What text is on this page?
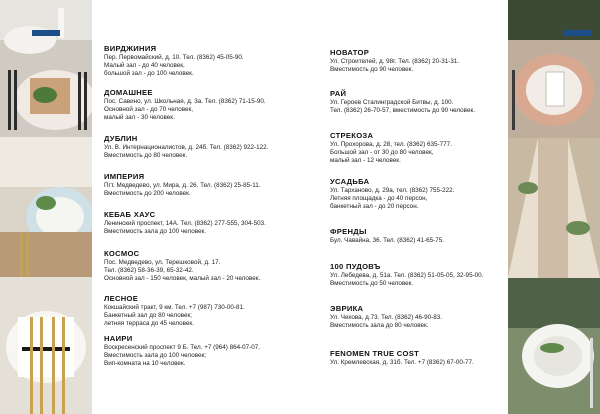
ВИРДЖИНИЯ
Пер. Первомайский, д. 10. Тел. (8362) 45-05-90.
Малый зал - до 40 человек,
большой зал - до 100 человек.
ДОМАШНЕЕ
Пос. Савино, ул. Школьная, д. 3а. Тел. (8362) 71-15-90.
Основной зал - до 70 человек,
малый зал - 30 человек.
ДУБЛИН
Ул. В. Интернационалистов, д. 24б. Тел. (8362) 922-122.
Вместимость до 80 человек.
ИМПЕРИЯ
Пгт. Медведево, ул. Мира, д. 26. Тел. (8362) 25-85-11.
Вместимость до 200 человек.
КЕБАБ ХАУС
Ленинский проспект, 14А. Тел. (8362) 277-555, 304-503.
Вместимость зала до 100 человек.
КОСМОС
Пос. Медведево, ул. Терешковой, д. 17.
Тел. (8362) 58-36-39, 65-32-42.
Основной зал - 150 человек, малый зал - 20 человек.
ЛЕСНОЕ
Кокшайский тракт, 9 км. Тел. +7 (987) 730-00-81.
Банкетный зал до 80 человек;
летняя терраса до 45 человек.
НАИРИ
Воскресенский проспект 9 Б. Тел. +7 (964) 864-07-07.
Вместимость зала до 100 человек;
Вип-комната на 10 человек.
НОВАТОР
Ул. Строителей, д. 98г. Тел. (8362) 20-31-31.
Вместимость до 90 человек.
РАЙ
Ул. Героев Сталинградской Битвы, д. 100.
Тел. (8362) 26-70-57, вместимость до 90 человек.
СТРЕКОЗА
Ул. Прохорова, д. 28, тел. (8362) 635-777.
Большой зал - от 30 до 80 человек,
малый зал - 12 человек.
УСАДЬБА
Ул. Тарханово, д. 29а, тел. (8362) 755-222.
Летняя площадка - до 40 персон,
банкетный зал - до 20 персон.
ФРЕНДЫ
Бул. Чавайна, 36. Тел. (8362) 41-65-75.
100 ПУДОВЪ
Ул. Лебедева, д. 51а. Тел. (8362) 51-05-05, 32-95-00.
Вместимость до 50 человек.
ЭВРИКА
Ул. Чехова, д.73. Тел. (8362) 46-90-83.
Вместимость зала до 80 человек.
FENOMEN TRUE COST
Ул. Кремлевская, д. 31б. Тел. +7 (8362) 67-00-77.
